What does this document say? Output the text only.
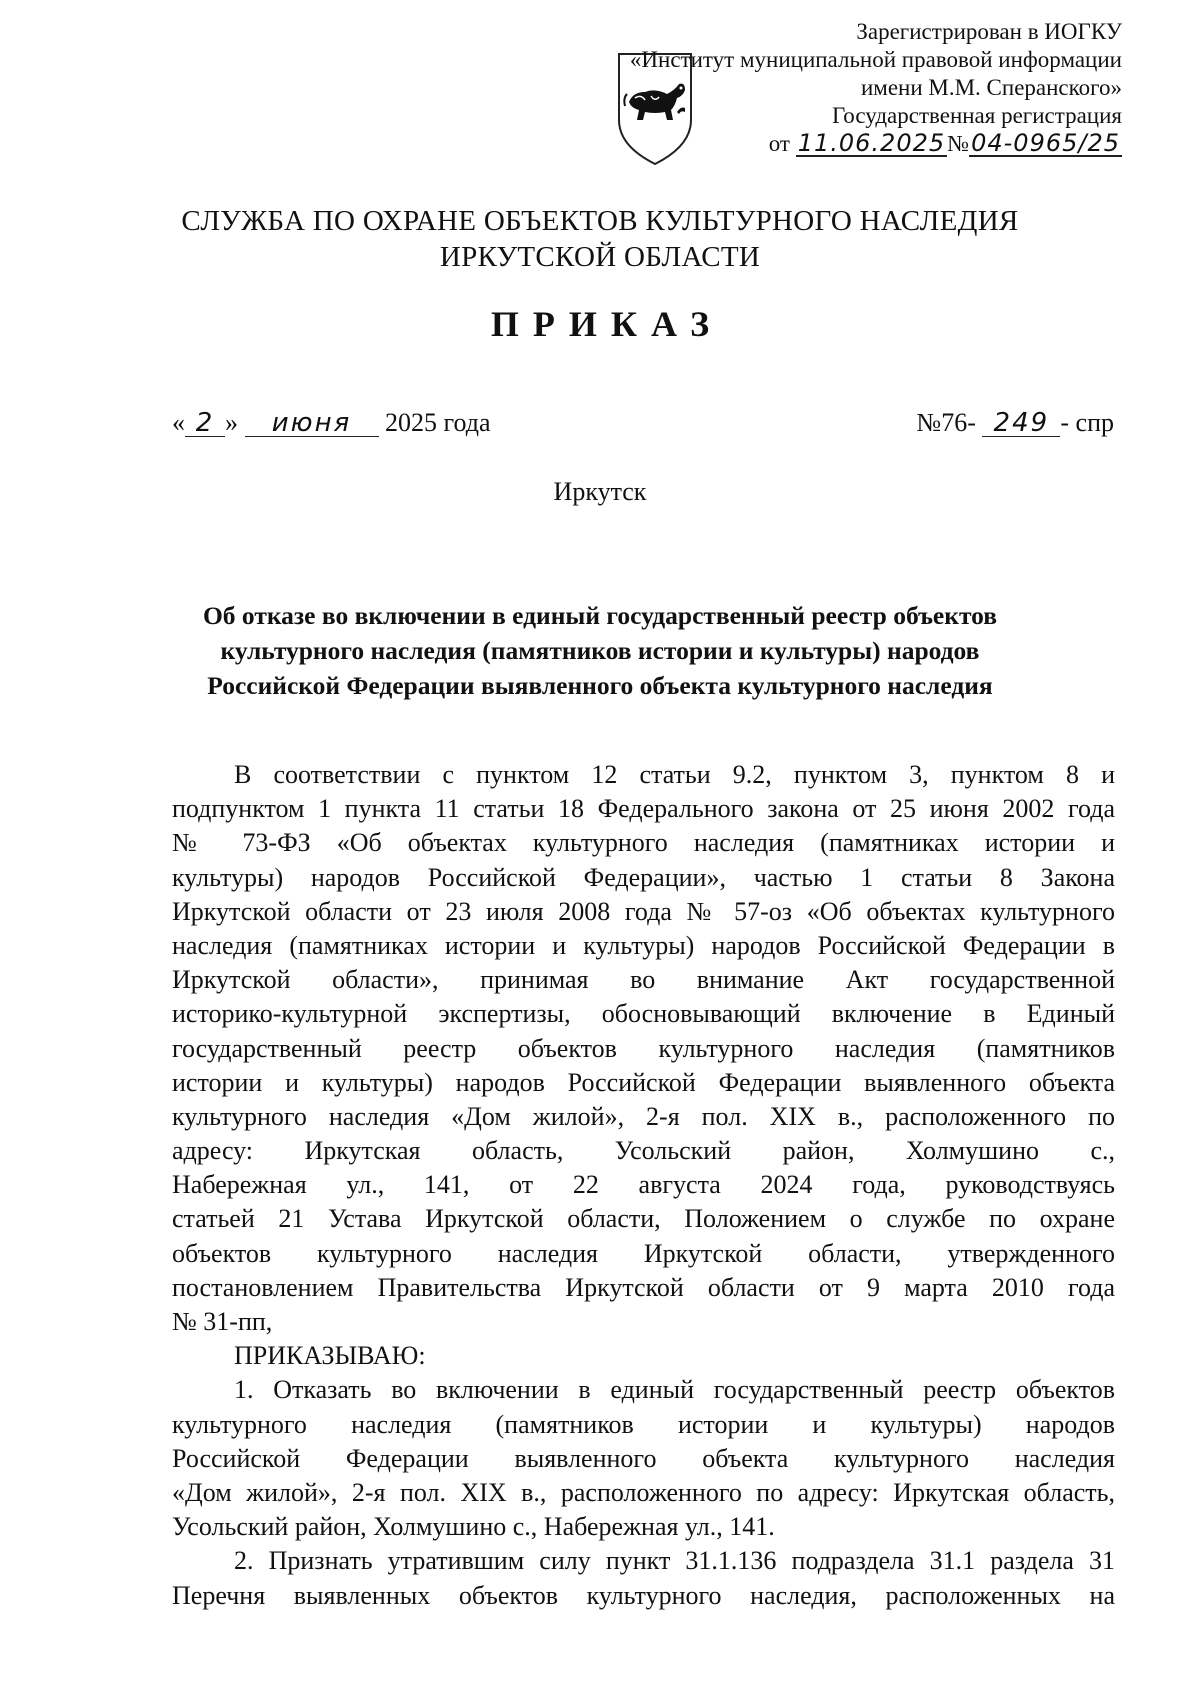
Зарегистрирован в ИОГКУ
«Институт муниципальной правовой информации
имени М.М. Сперанского»
Государственная регистрация
от 11.06.2025№04-0965/25
СЛУЖБА ПО ОХРАНЕ ОБЪЕКТОВ КУЛЬТУРНОГО НАСЛЕДИЯ
ИРКУТСКОЙ ОБЛАСТИ
ПРИКАЗ
« 2 » июня 2025 года	№76- 249 - спр
Иркутск
Об отказе во включении в единый государственный реестр объектов
культурного наследия (памятников истории и культуры) народов
Российской Федерации выявленного объекта культурного наследия
В соответствии с пунктом 12 статьи 9.2, пунктом 3, пунктом 8 и
подпунктом 1 пункта 11 статьи 18 Федерального закона от 25 июня 2002 года
№ 73-ФЗ «Об объектах культурного наследия (памятниках истории и
культуры) народов Российской Федерации», частью 1 статьи 8 Закона
Иркутской области от 23 июля 2008 года № 57-оз «Об объектах культурного
наследия (памятниках истории и культуры) народов Российской Федерации в
Иркутской области», принимая во внимание Акт государственной
историко-культурной экспертизы, обосновывающий включение в Единый
государственный реестр объектов культурного наследия (памятников
истории и культуры) народов Российской Федерации выявленного объекта
культурного наследия «Дом жилой», 2-я пол. XIX в., расположенного по
адресу: Иркутская область, Усольский район, Холмушино с.,
Набережная ул., 141, от 22 августа 2024 года, руководствуясь
статьей 21 Устава Иркутской области, Положением о службе по охране
объектов культурного наследия Иркутской области, утвержденного
постановлением Правительства Иркутской области от 9 марта 2010 года
№ 31-пп,
ПРИКАЗЫВАЮ:
1. Отказать во включении в единый государственный реестр объектов
культурного наследия (памятников истории и культуры) народов
Российской Федерации выявленного объекта культурного наследия
«Дом жилой», 2-я пол. XIX в., расположенного по адресу: Иркутская область,
Усольский район, Холмушино с., Набережная ул., 141.
2. Признать утратившим силу пункт 31.1.136 подраздела 31.1 раздела 31
Перечня выявленных объектов культурного наследия, расположенных на
